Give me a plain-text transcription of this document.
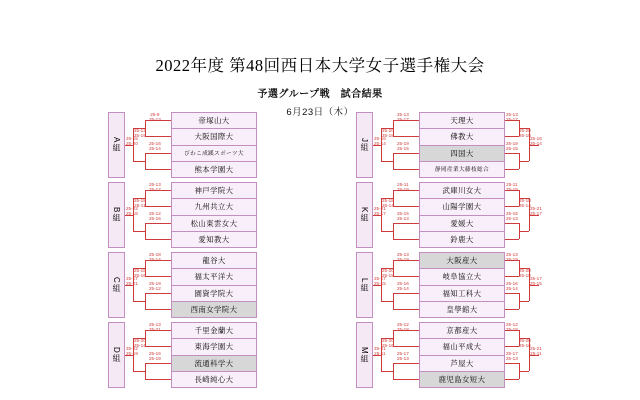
2022年度 第48回西日本大学女子選手権大会
予選グループ戦　試合結果
6月23日（木）
A組
25-9
25-13
25-16
25-14
25-13
25-19
25-15
25-20
帝塚山大
大阪国際大
びわこ成蹊スポーツ大
熊本学園大
B組
25-13
25-17
25-12
25-16
25-18
25-11
25-22
25-18
神戸学院大
九州共立大
松山東雲女大
愛知教大
C組
25-18
25-14
25-19
25-12
25-18
25-16
25-17
25-21
龍谷大
福太平洋大
園資学院大
西南女学院大
D組
25-13
25-21
25-16
25-19
25-20
25-14
25-22
25-19
千里金蘭大
東海学園大
流通科学大
長崎純心大
J組
25-13
25-17
25-19
25-15
25-20
25-18
25-16
25-14
天理大
佛教大
四国大
静岡産業大藤枝総合
25-13
25-17
25-19
25-15
25-20
25-18
25-16
25-14
K組
25-11
25-19
25-15
25-13
25-18
25-14
25-21
25-17
武庫川女大
山陽学園大
愛媛大
鈴鹿大
25-11
25-19
25-15
25-13
25-18
25-14
25-21
25-17
L組
25-13
25-19
25-16
25-14
25-20
25-18
25-17
25-15
大阪産大
岐阜協立大
福知工科大
皇學館大
25-13
25-19
25-16
25-14
25-20
25-18
25-17
25-15
M組
25-12
25-18
25-17
25-13
25-20
25-16
25-21
25-11
京都産大
福山平成大
芦屋大
鹿児島女短大
25-12
25-18
25-17
25-13
25-20
25-16
25-21
25-11
